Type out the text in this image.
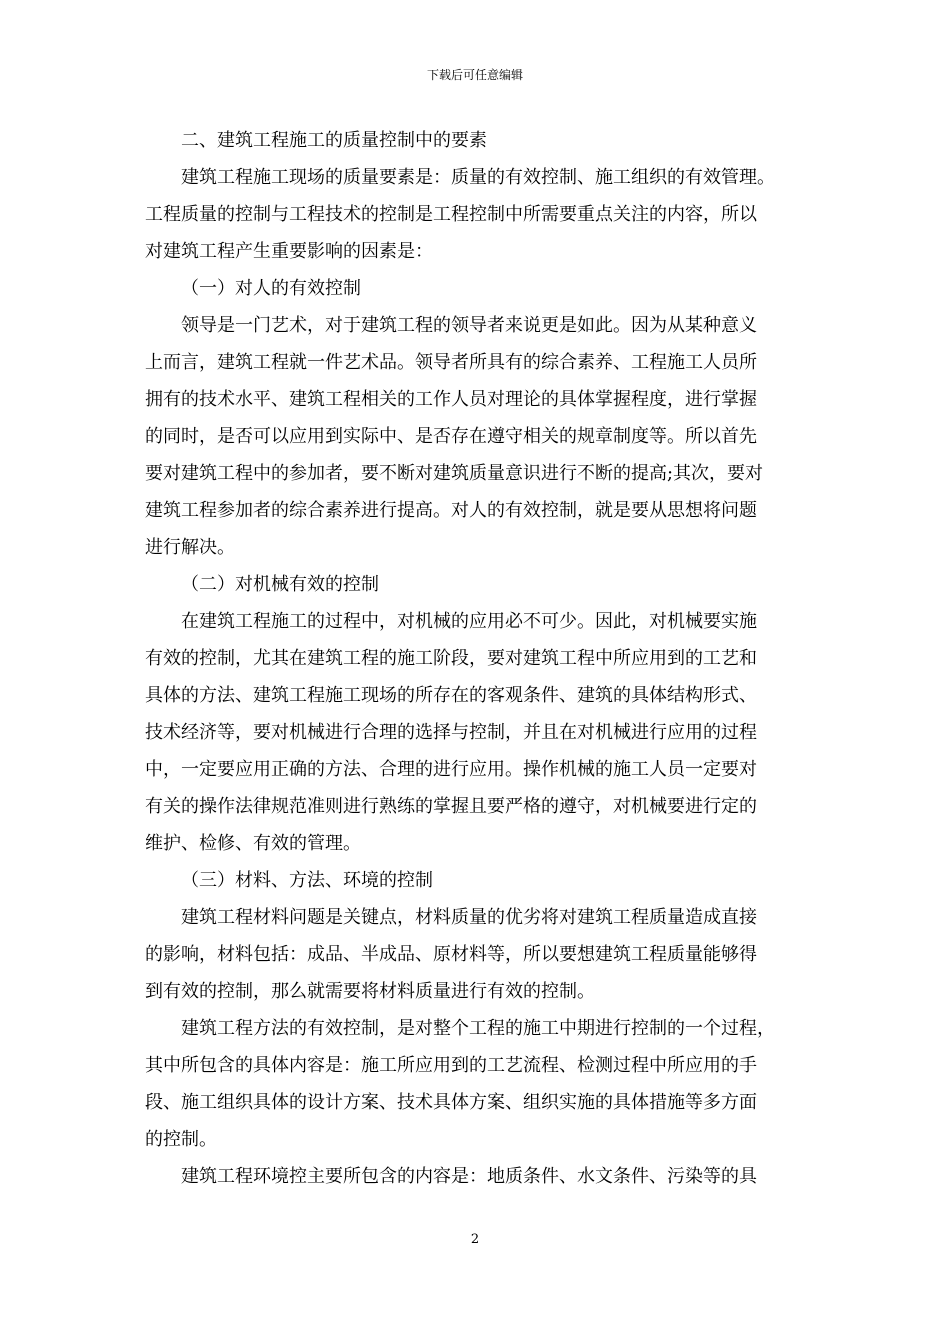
下载后可任意编辑

二、建筑工程施工的质量控制中的要素

建筑工程施工现场的质量要素是：质量的有效控制、施工组织的有效管理。
工程质量的控制与工程技术的控制是工程控制中所需要重点关注的内容，所以
对建筑工程产生重要影响的因素是：

（一）对人的有效控制

领导是一门艺术，对于建筑工程的领导者来说更是如此。因为从某种意义
上而言，建筑工程就一件艺术品。领导者所具有的综合素养、工程施工人员所
拥有的技术水平、建筑工程相关的工作人员对理论的具体掌握程度，进行掌握
的同时，是否可以应用到实际中、是否存在遵守相关的规章制度等。所以首先
要对建筑工程中的参加者，要不断对建筑质量意识进行不断的提高;其次，要对
建筑工程参加者的综合素养进行提高。对人的有效控制，就是要从思想将问题
进行解决。

（二）对机械有效的控制

在建筑工程施工的过程中，对机械的应用必不可少。因此，对机械要实施
有效的控制，尤其在建筑工程的施工阶段，要对建筑工程中所应用到的工艺和
具体的方法、建筑工程施工现场的所存在的客观条件、建筑的具体结构形式、
技术经济等，要对机械进行合理的选择与控制，并且在对机械进行应用的过程
中，一定要应用正确的方法、合理的进行应用。操作机械的施工人员一定要对
有关的操作法律规范准则进行熟练的掌握且要严格的遵守，对机械要进行定的
维护、检修、有效的管理。

（三）材料、方法、环境的控制

建筑工程材料问题是关键点，材料质量的优劣将对建筑工程质量造成直接
的影响，材料包括：成品、半成品、原材料等，所以要想建筑工程质量能够得
到有效的控制，那么就需要将材料质量进行有效的控制。

建筑工程方法的有效控制，是对整个工程的施工中期进行控制的一个过程，
其中所包含的具体内容是：施工所应用到的工艺流程、检测过程中所应用的手
段、施工组织具体的设计方案、技术具体方案、组织实施的具体措施等多方面
的控制。

建筑工程环境控主要所包含的内容是：地质条件、水文条件、污染等的具

2
